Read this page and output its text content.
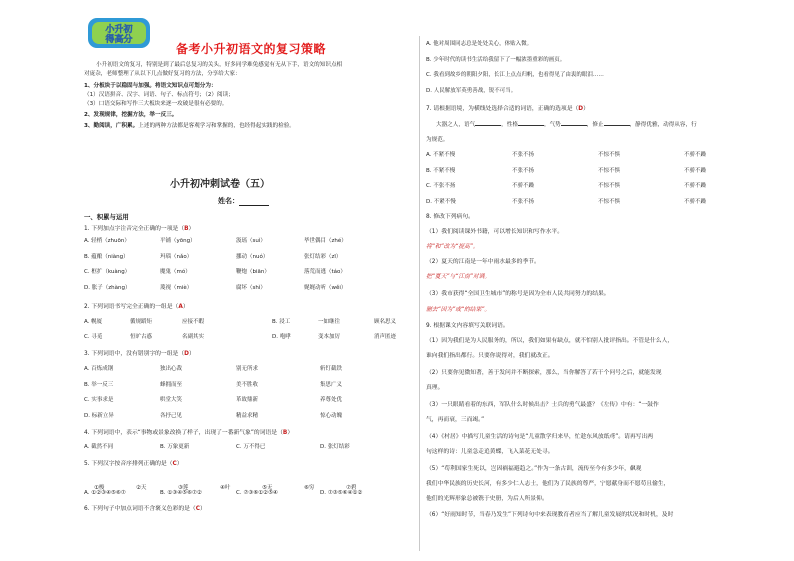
小升初
得高分
备考小升初语文的复习策略

小升初语文的复习，特别是到了最后总复习的关头，好多同学难免感觉有无从下手，语文的知识点相

对庞杂，老师整理了从以下几点做好复习的方法，分享给大家：

1、分板块于以稳固与加强。将语文知识点可划分为：

（1）汉语拼音、汉字、词语、句子、标点符号；（2）阅读；

（3）口语交际和写作三大板块来逐一攻破是很有必要的。

2、发现规律，挖掘方法，举一反三。

3、勤阅读，广积累。上述的两种方法都是客观学习和掌握的，也经得起实践的检验。

小升初冲刺试卷（五）
姓名：
一、积累与运用
1. 下列加点字注音完全正确的一项是（B）
A. 轻梢（zhuōn）	平铺（yōng）	汲瑶（suì）	毕世偶目（zhé）
B. 蕴酿（niàng）	玛瑙（nǎo）	挪动（nuó）	张灯结彩（zī）
C. 框扩（kuàng）	魔鬼（mó）	鞭炮（biān）	落荒而逃（táo）
D. 胀子（zhàng）	蔑视（miè）	腐坏（shì）	娓娓动听（wěi）
2. 下列词语书写完全正确的一组是（A）
A. 幌厦	循规蹈矩	应接不暇	B. 浸工	一如继往	顾名思义
C. 寻觅	恒旷古惑	名副其实	D. 咆哮	变本加厉	消声匿迹
3. 下列词语中，没有错别字的一组是（D）
A. 百炼成钢	独出心裁	别无所求	斩钉截铁
B. 举一反三	蜂拥而至	美不胜收	集思广义
C. 实事求是	哄堂大笑	革故鼎新	养尊处优
D. 标新立异	各抒己见	精益求精	惊心动魄
4. 下列词语中，表示“事物或景象改换了样子，出现了一番新气象”的词语是（B）
A. 截然不同	B. 万象更新	C. 万不得已	D. 张灯结彩
5. 下列汉字按音序排列正确的是（C）
①梭	②天	③莲	④叶	⑤无	⑥穷	⑦碧
A. ①②③④⑤⑥⑦	B. ①③④⑤⑥⑦②	C. ⑦③⑥①②⑤④	D. ⑦③⑤⑥④①②
6. 下列句子中加点词语不含褒义色彩的是（C）
A. 他对周围同志总是处处关心，体贴入微。
B. 少年时代的读书生活给我留下了一幅浓墨重彩的画页。
C. 我看到故乡的朝阳夕阳，长江上点点归帆，也看得见了由衷的眼泪……
D. 人民解放军英勇善战，锐不可当。
7. 请根据语境，为横线处选择合适的词语，正确的选项是（D）
大器之人，语气	，性格	，气势	，修止	，静得优雅，动得从容，行
为规范。
A. 不紧不慢	不张不扬	不惊不惧	不骄不躁
B. 不紧不慢	不张不扬	不惊不惧	不骄不躁
C. 不张不扬	不骄不躁	不惊不惧	不骄不躁
D. 不紧不慢	不张不扬	不惊不惧	不骄不躁
8. 修改下列病句。
（1）我们阅读课外书籍，可以增长知识和写作水平。
将“和”改为“提高”。
（2）夏天的江南是一年中雨水最多的季节。
把“夏天”与“江南”对调。
（3）我市获得“全国卫生城市”的称号是因为全市人民共同努力的结果。
删去“因为”或“的结果”。
9. 根据课文内容填写关联词语。
（1）因为我们是为人民服务的，所以，我们如果有缺点，就不怕别人批评指出。不管是什么人，
谁向我们指出都行。只要你说得对，我们就改正。
（2）只要你见微知著，善于发问并不断探索，那么，当你解答了若干个问号之后，就能发现
真理。
（3）一只眼睛看着的东西，军队什么时候出击？士兵的勇气最盛？《左传》中有：“一鼓作
气，再而衰，三而竭。”
（4）《村居》中描写儿童生活的诗句是“儿童散学归来早，忙趁东风放纸鸢”。请再写出两
句这样的诗：儿童急走追黄蝶，飞入菜花无处寻。
（5）“苟利国家生死以，岂因祸福避趋之。”作为一条古训，流传至今有多少年，飙观
我们中华民族的历史长河，有多少仁人志士，他们为了民族的尊严，宁愿献身而不愿苟且偷生，
他们的光辉形象总被镌于史册，为后人所景仰。
（6）“好雨知时节，当春乃发生”下列诗句中来表现教育者应当了解儿童发展的状况和时机，及时
